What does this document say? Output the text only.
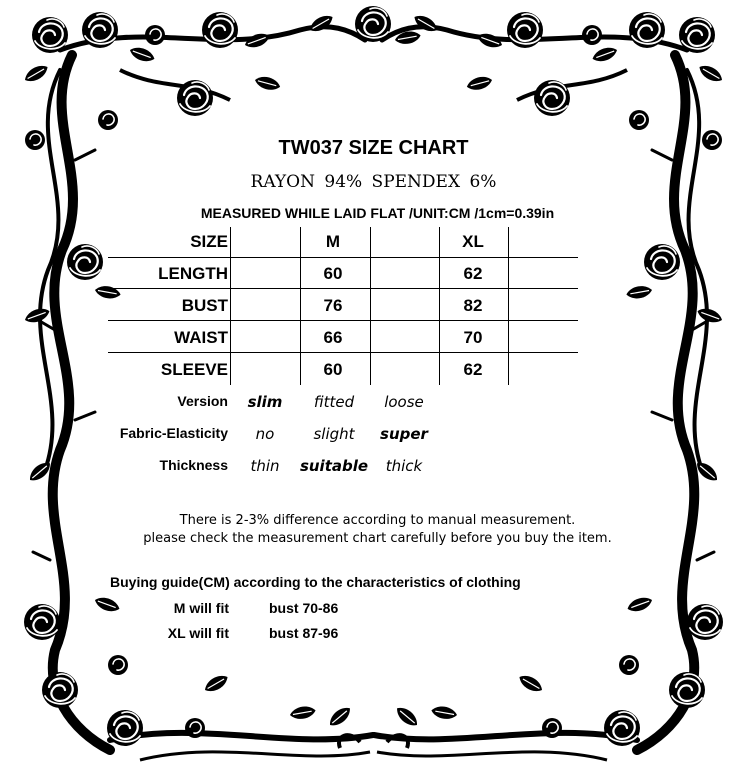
TW037 SIZE CHART
RAYON 94% SPENDEX 6%
MEASURED WHILE LAID FLAT /UNIT:CM /1cm=0.39in
SIZE	M	XL
LENGTH	60	62
BUST	76	82
WAIST	66	70
SLEEVE	60	62
Version	slim	fitted	loose
Fabric-Elasticity	no	slight	super
Thickness	thin	suitable	thick
There is 2-3% difference according to manual measurement.
please check the measurement chart carefully before you buy the item.
Buying guide(CM) according to the characteristics of clothing
M will fit	bust 70-86
XL will fit	bust 87-96
